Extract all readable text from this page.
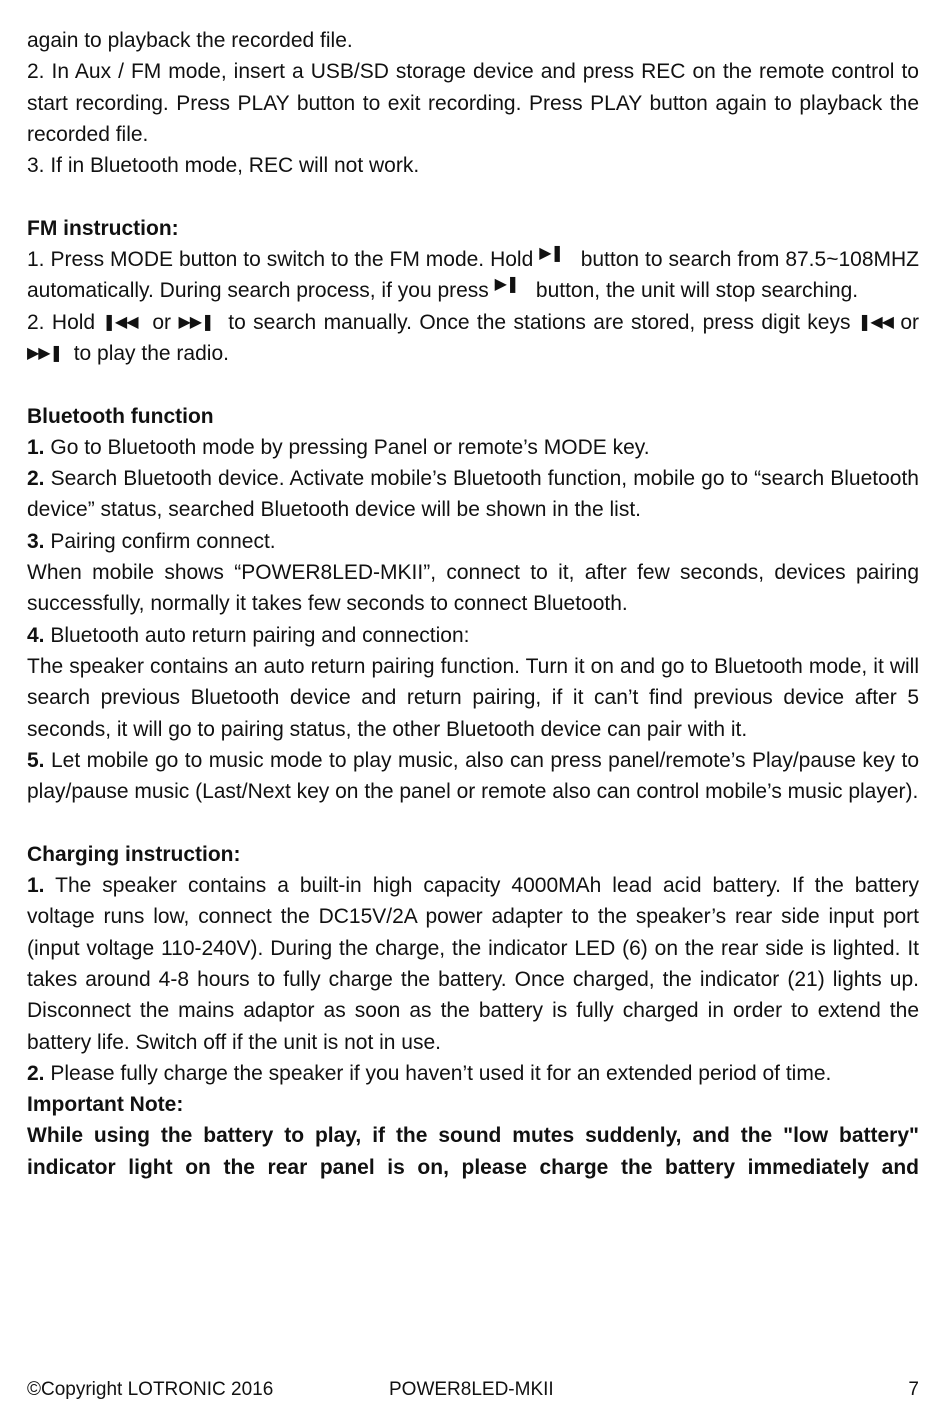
again to playback the recorded file.

2. In Aux / FM mode, insert a USB/SD storage device and press REC on the remote control to start recording. Press PLAY button to exit recording. Press PLAY button again to playback the recorded file.

3. If in Bluetooth mode, REC will not work.

FM instruction:

1. Press MODE button to switch to the FM mode. Hold ▶❚ button to search from 87.5~108MHZ automatically. During search process, if you press ▶❚ button, the unit will stop searching.

2. Hold ❚◀◀ or ▶▶❚ to search manually. Once the stations are stored, press digit keys ❚◀◀ or ▶▶❚ to play the radio.

Bluetooth function

1. Go to Bluetooth mode by pressing Panel or remote’s MODE key.

2. Search Bluetooth device. Activate mobile’s Bluetooth function, mobile go to “search Bluetooth device” status, searched Bluetooth device will be shown in the list.

3. Pairing confirm connect.

When mobile shows “POWER8LED-MKII”, connect to it, after few seconds, devices pairing successfully, normally it takes few seconds to connect Bluetooth.

4. Bluetooth auto return pairing and connection:

The speaker contains an auto return pairing function. Turn it on and go to Bluetooth mode, it will search previous Bluetooth device and return pairing, if it can’t find previous device after 5 seconds, it will go to pairing status, the other Bluetooth device can pair with it.

5. Let mobile go to music mode to play music, also can press panel/remote’s Play/pause key to play/pause music (Last/Next key on the panel or remote also can control mobile’s music player).

Charging instruction:

1. The speaker contains a built-in high capacity 4000MAh lead acid battery. If the battery voltage runs low, connect the DC15V/2A power adapter to the speaker’s rear side input port (input voltage 110-240V). During the charge, the indicator LED (6) on the rear side is lighted. It takes around 4-8 hours to fully charge the battery. Once charged, the indicator (21) lights up. Disconnect the mains adaptor as soon as the battery is fully charged in order to extend the battery life. Switch off if the unit is not in use.

2. Please fully charge the speaker if you haven’t used it for an extended period of time.

Important Note:

While using the battery to play, if the sound mutes suddenly, and the "low battery" indicator light on the rear panel is on, please charge the battery immediately and

©Copyright LOTRONIC 2016	POWER8LED-MKII	7
